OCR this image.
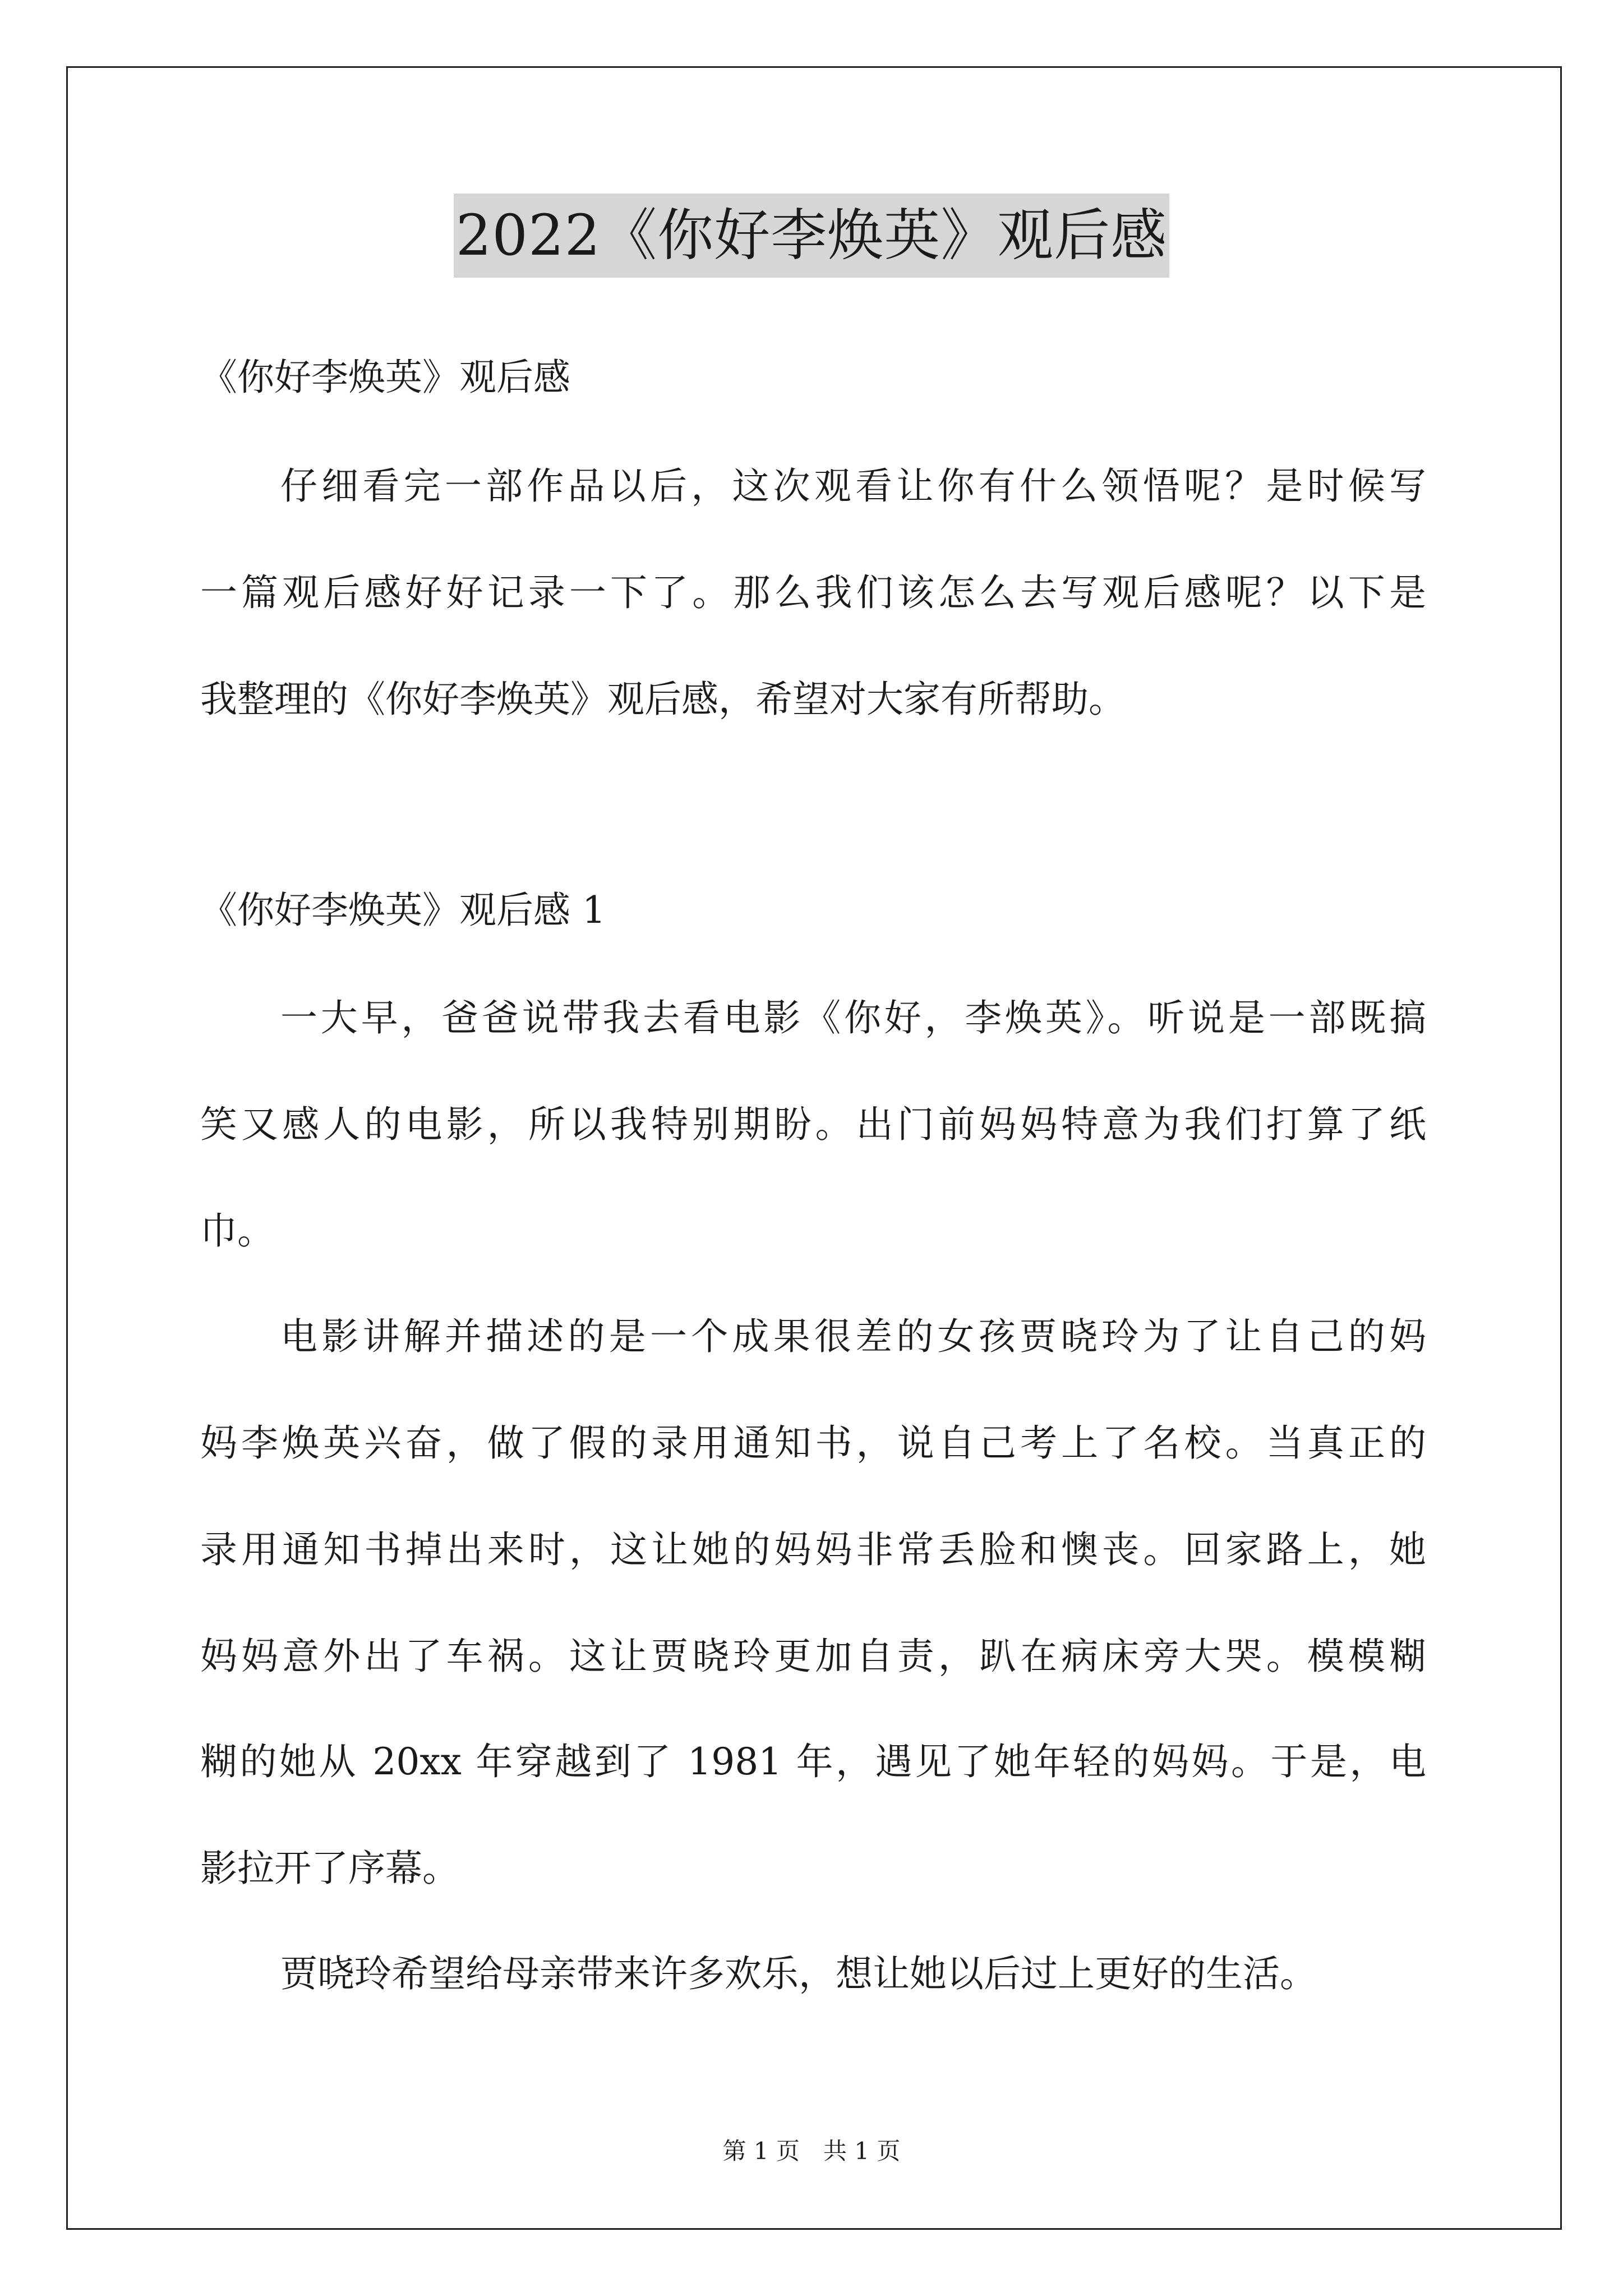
2022《你好李焕英》观后感
《你好李焕英》观后感
仔细看完一部作品以后，这次观看让你有什么领悟呢？是时候写
一篇观后感好好记录一下了。那么我们该怎么去写观后感呢？以下是
我整理的《你好李焕英》观后感，希望对大家有所帮助。
《你好李焕英》观后感 1
一大早，爸爸说带我去看电影《你好，李焕英》。听说是一部既搞
笑又感人的电影，所以我特别期盼。出门前妈妈特意为我们打算了纸
巾。
电影讲解并描述的是一个成果很差的女孩贾晓玲为了让自己的妈
妈李焕英兴奋，做了假的录用通知书，说自己考上了名校。当真正的
录用通知书掉出来时，这让她的妈妈非常丢脸和懊丧。回家路上，她
妈妈意外出了车祸。这让贾晓玲更加自责，趴在病床旁大哭。模模糊
糊的她从 20xx 年穿越到了 1981 年，遇见了她年轻的妈妈。于是，电
影拉开了序幕。
贾晓玲希望给母亲带来许多欢乐，想让她以后过上更好的生活。
第 1 页　共 1 页
